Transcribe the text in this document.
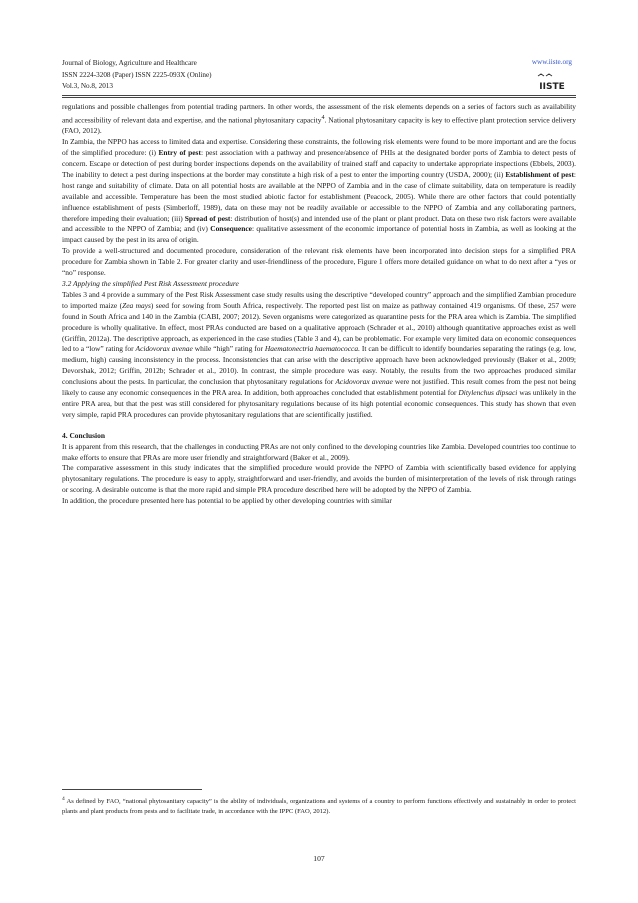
Journal of Biology, Agriculture and Healthcare
ISSN 2224-3208 (Paper) ISSN 2225-093X (Online)
Vol.3, No.8, 2013
www.iiste.org
IISTE

regulations and possible challenges from potential trading partners. In other words, the assessment of the risk elements depends on a series of factors such as availability and accessibility of relevant data and expertise, and the national phytosanitary capacity$^4$. National phytosanitary capacity is key to effective plant protection service delivery (FAO, 2012).

In Zambia, the NPPO has access to limited data and expertise. Considering these constraints, the following risk elements were found to be more important and are the focus of the simplified procedure: (i) Entry of pest: pest association with a pathway and presence/absence of PHIs at the designated border ports of Zambia to detect pests of concern. Escape or detection of pest during border inspections depends on the availability of trained staff and capacity to undertake appropriate inspections (Ebbels, 2003). The inability to detect a pest during inspections at the border may constitute a high risk of a pest to enter the importing country (USDA, 2000); (ii) Establishment of pest: host range and suitability of climate. Data on all potential hosts are available at the NPPO of Zambia and in the case of climate suitability, data on temperature is readily available and accessible. Temperature has been the most studied abiotic factor for establishment (Peacock, 2005). While there are other factors that could potentially influence establishment of pests (Simberloff, 1989), data on these may not be readily available or accessible to the NPPO of Zambia and any collaborating partners, therefore impeding their evaluation; (iii) Spread of pest: distribution of host(s) and intended use of the plant or plant product. Data on these two risk factors were available and accessible to the NPPO of Zambia; and (iv) Consequence: qualitative assessment of the economic importance of potential hosts in Zambia, as well as looking at the impact caused by the pest in its area of origin.

To provide a well-structured and documented procedure, consideration of the relevant risk elements have been incorporated into decision steps for a simplified PRA procedure for Zambia shown in Table 2. For greater clarity and user-friendliness of the procedure, Figure 1 offers more detailed guidance on what to do next after a “yes or “no” response.

3.2 Applying the simplified Pest Risk Assessment procedure

Tables 3 and 4 provide a summary of the Pest Risk Assessment case study results using the descriptive “developed country” approach and the simplified Zambian procedure to imported maize (Zea mays) seed for sowing from South Africa, respectively. The reported pest list on maize as pathway contained 419 organisms. Of these, 257 were found in South Africa and 140 in the Zambia (CABI, 2007; 2012). Seven organisms were categorized as quarantine pests for the PRA area which is Zambia. The simplified procedure is wholly qualitative. In effect, most PRAs conducted are based on a qualitative approach (Schrader et al., 2010) although quantitative approaches exist as well (Griffin, 2012a). The descriptive approach, as experienced in the case studies (Table 3 and 4), can be problematic. For example very limited data on economic consequences led to a “low” rating for Acidovorax avenae while “high” rating for Haematonectria haematococca. It can be difficult to identify boundaries separating the ratings (e.g. low, medium, high) causing inconsistency in the process. Inconsistencies that can arise with the descriptive approach have been acknowledged previously (Baker et al., 2009; Devorshak, 2012; Griffin, 2012b; Schrader et al., 2010). In contrast, the simple procedure was easy. Notably, the results from the two approaches produced similar conclusions about the pests. In particular, the conclusion that phytosanitary regulations for Acidovorax avenae were not justified. This result comes from the pest not being likely to cause any economic consequences in the PRA area. In addition, both approaches concluded that establishment potential for Ditylenchus dipsaci was unlikely in the entire PRA area, but that the pest was still considered for phytosanitary regulations because of its high potential economic consequences. This study has shown that even very simple, rapid PRA procedures can provide phytosanitary regulations that are scientifically justified.

4. Conclusion

It is apparent from this research, that the challenges in conducting PRAs are not only confined to the developing countries like Zambia. Developed countries too continue to make efforts to ensure that PRAs are more user friendly and straightforward (Baker et al., 2009).

The comparative assessment in this study indicates that the simplified procedure would provide the NPPO of Zambia with scientifically based evidence for applying phytosanitary regulations. The procedure is easy to apply, straightforward and user-friendly, and avoids the burden of misinterpretation of the levels of risk through ratings or scoring. A desirable outcome is that the more rapid and simple PRA procedure described here will be adopted by the NPPO of Zambia.

In addition, the procedure presented here has potential to be applied by other developing countries with similar

$^4$ As defined by FAO, “national phytosanitary capacity” is the ability of individuals, organizations and systems of a country to perform functions effectively and sustainably in order to protect plants and plant products from pests and to facilitate trade, in accordance with the IPPC (FAO, 2012).
107
